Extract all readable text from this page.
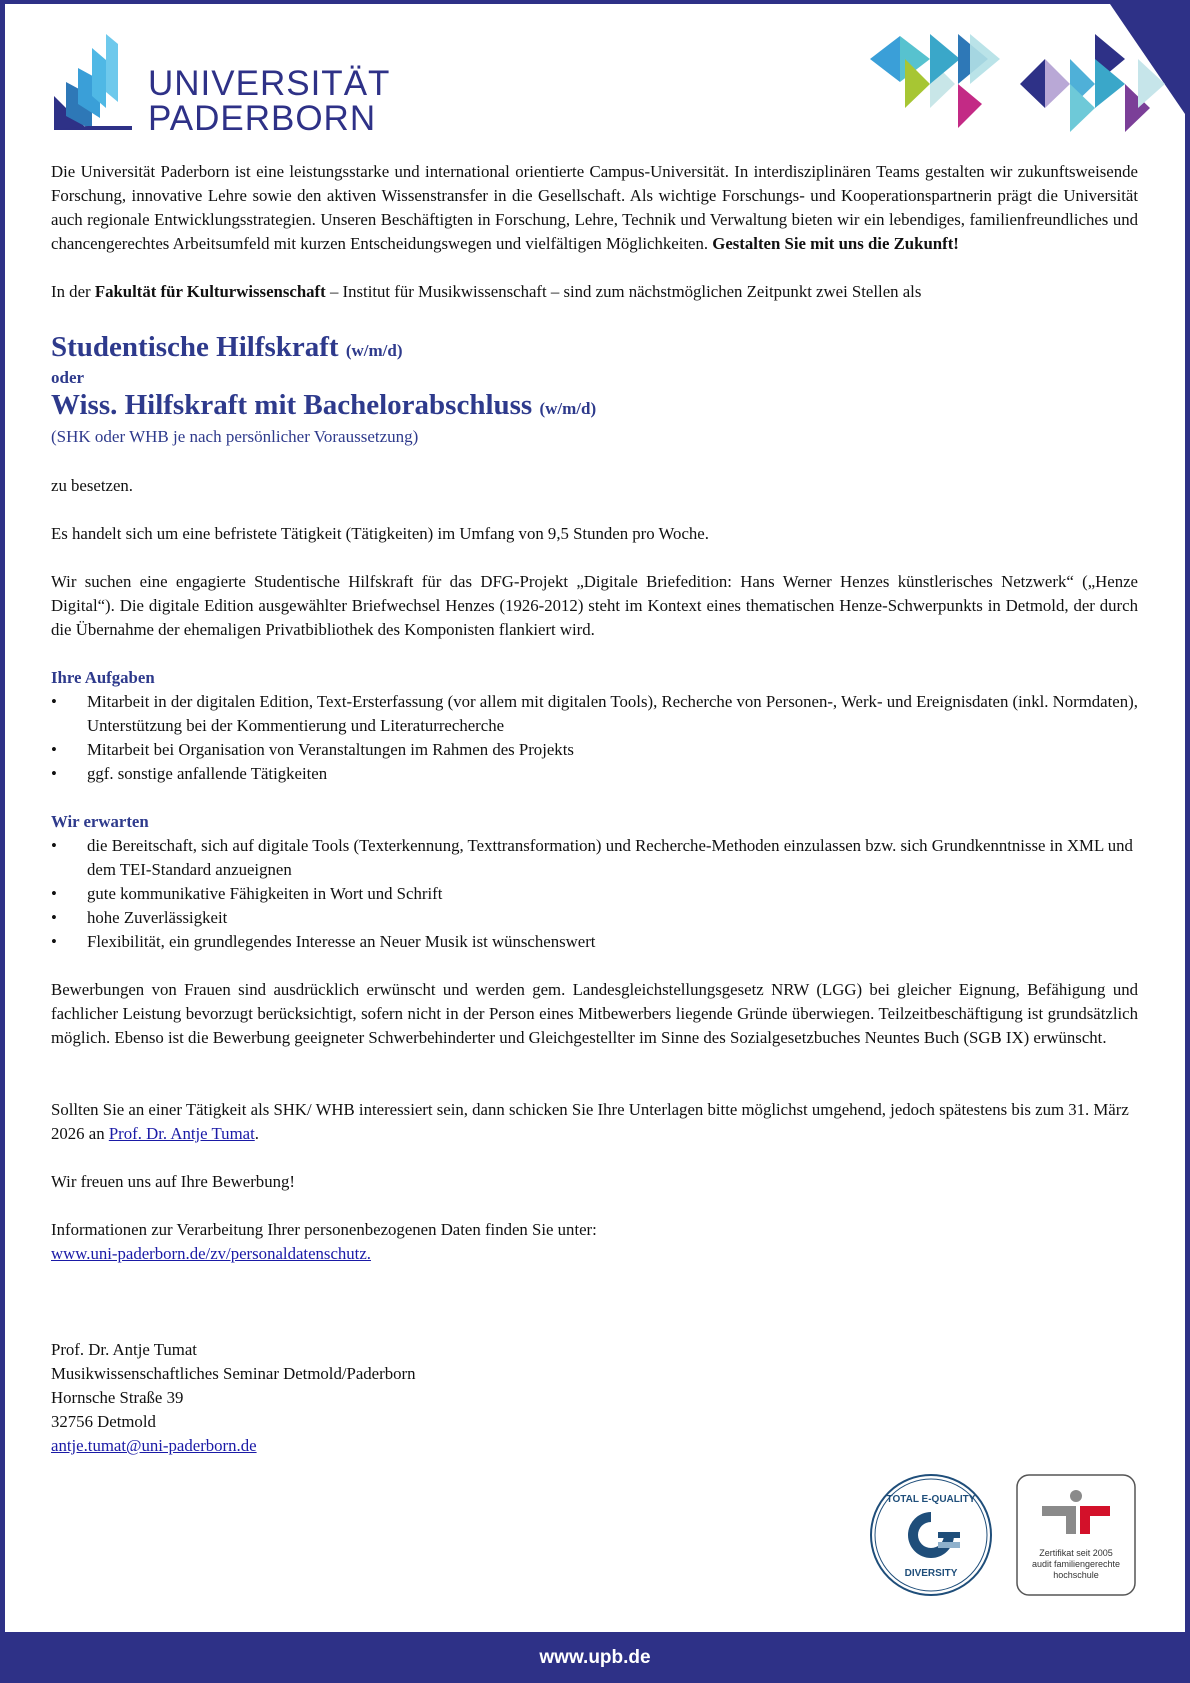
UNIVERSITÄT
PADERBORN

Die Universität Paderborn ist eine leistungsstarke und international orientierte Campus-Universität. In interdisziplinären Teams gestalten wir zukunftsweisende Forschung, innovative Lehre sowie den aktiven Wissenstransfer in die Gesellschaft. Als wichtige Forschungs- und Kooperationspartnerin prägt die Universität auch regionale Entwicklungsstrategien. Unseren Beschäftigten in Forschung, Lehre, Technik und Verwaltung bieten wir ein lebendiges, familienfreundliches und chancengerechtes Arbeitsumfeld mit kurzen Entscheidungswegen und vielfältigen Möglichkeiten. Gestalten Sie mit uns die Zukunft!

In der Fakultät für Kulturwissenschaft – Institut für Musikwissenschaft – sind zum nächstmöglichen Zeitpunkt zwei Stellen als

Studentische Hilfskraft (w/m/d)
oder
Wiss. Hilfskraft mit Bachelorabschluss (w/m/d)
(SHK oder WHB je nach persönlicher Voraussetzung)

zu besetzen.

Es handelt sich um eine befristete Tätigkeit (Tätigkeiten) im Umfang von 9,5 Stunden pro Woche.

Wir suchen eine engagierte Studentische Hilfskraft für das DFG-Projekt „Digitale Briefedition: Hans Werner Henzes künstlerisches Netzwerk“ („Henze Digital“). Die digitale Edition ausgewählter Briefwechsel Henzes (1926-2012) steht im Kontext eines thematischen Henze-Schwerpunkts in Detmold, der durch die Übernahme der ehemaligen Privatbibliothek des Komponisten flankiert wird.

Ihre Aufgaben

• Mitarbeit in der digitalen Edition, Text-Ersterfassung (vor allem mit digitalen Tools), Recherche von Personen-, Werk- und Ereignisdaten (inkl. Normdaten), Unterstützung bei der Kommentierung und Literaturrecherche
• Mitarbeit bei Organisation von Veranstaltungen im Rahmen des Projekts
• ggf. sonstige anfallende Tätigkeiten

Wir erwarten

• die Bereitschaft, sich auf digitale Tools (Texterkennung, Texttransformation) und Recherche-Methoden einzulassen bzw. sich Grundkenntnisse in XML und dem TEI-Standard anzueignen
• gute kommunikative Fähigkeiten in Wort und Schrift
• hohe Zuverlässigkeit
• Flexibilität, ein grundlegendes Interesse an Neuer Musik ist wünschenswert

Bewerbungen von Frauen sind ausdrücklich erwünscht und werden gem. Landesgleichstellungsgesetz NRW (LGG) bei gleicher Eignung, Befähigung und fachlicher Leistung bevorzugt berücksichtigt, sofern nicht in der Person eines Mitbewerbers liegende Gründe überwiegen. Teilzeitbeschäftigung ist grundsätzlich möglich. Ebenso ist die Bewerbung geeigneter Schwerbehinderter und Gleichgestellter im Sinne des Sozialgesetzbuches Neuntes Buch (SGB IX) erwünscht.

Sollten Sie an einer Tätigkeit als SHK/ WHB interessiert sein, dann schicken Sie Ihre Unterlagen bitte möglichst umgehend, jedoch spätestens bis zum 31. März 2026 an Prof. Dr. Antje Tumat.

Wir freuen uns auf Ihre Bewerbung!

Informationen zur Verarbeitung Ihrer personenbezogenen Daten finden Sie unter:

www.uni-paderborn.de/zv/personaldatenschutz.

Prof. Dr. Antje Tumat

Musikwissenschaftliches Seminar Detmold/Paderborn

Hornsche Straße 39

32756 Detmold

antje.tumat@uni-paderborn.de

TOTAL E-QUALITY
DIVERSITY
Zertifikat seit 2005
audit familiengerechte
hochschule
www.upb.de
